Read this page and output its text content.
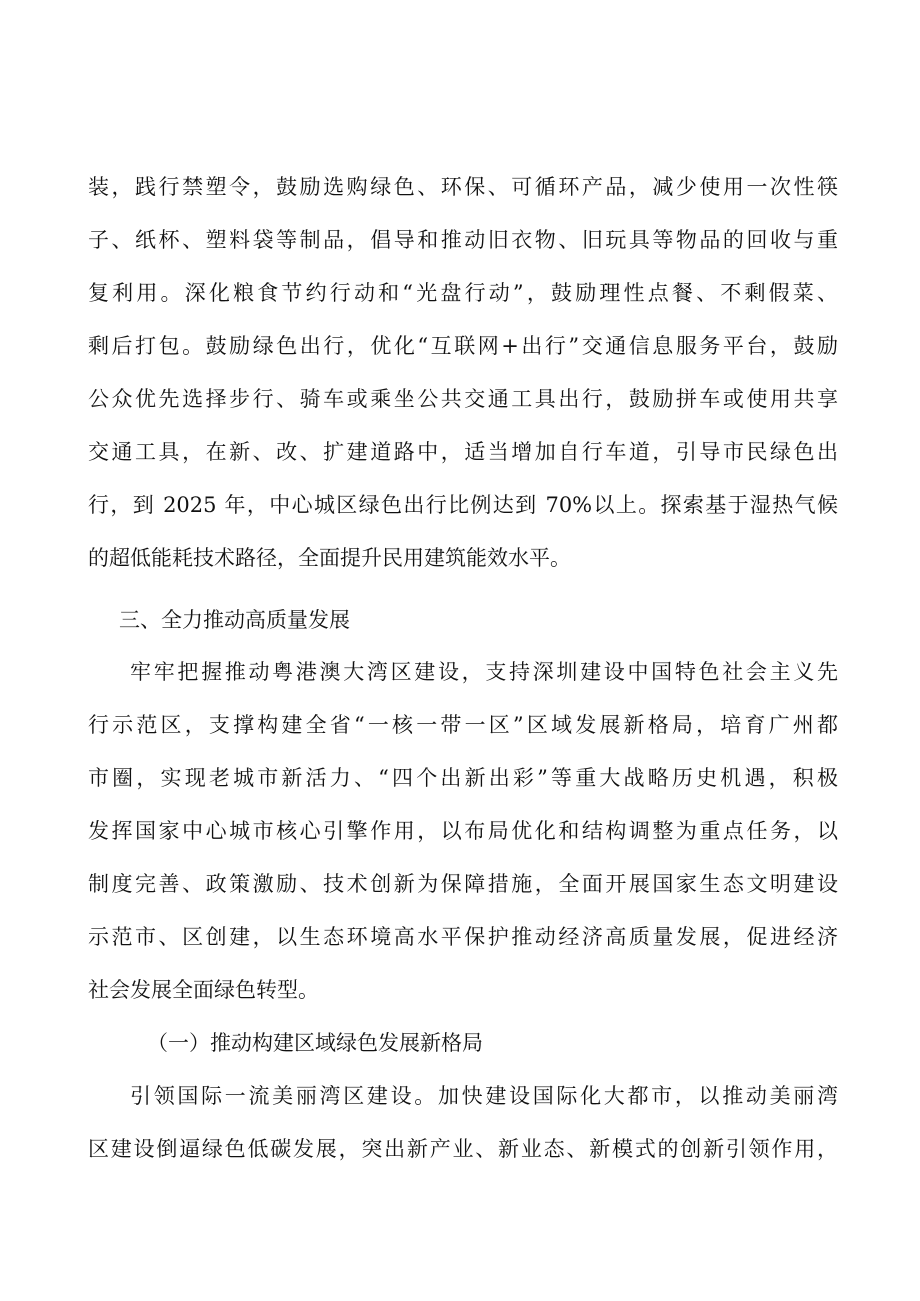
装，践行禁塑令，鼓励选购绿色、环保、可循环产品，减少使用一次性筷
子、纸杯、塑料袋等制品，倡导和推动旧衣物、旧玩具等物品的回收与重
复利用。深化粮食节约行动和“光盘行动”，鼓励理性点餐、不剩假菜、
剩后打包。鼓励绿色出行，优化“互联网+出行”交通信息服务平台，鼓励
公众优先选择步行、骑车或乘坐公共交通工具出行，鼓励拼车或使用共享
交通工具，在新、改、扩建道路中，适当增加自行车道，引导市民绿色出
行，到 2025 年，中心城区绿色出行比例达到 70%以上。探索基于湿热气候
的超低能耗技术路径，全面提升民用建筑能效水平。
三、全力推动高质量发展
牢牢把握推动粤港澳大湾区建设，支持深圳建设中国特色社会主义先
行示范区，支撑构建全省“一核一带一区”区域发展新格局，培育广州都
市圈，实现老城市新活力、“四个出新出彩”等重大战略历史机遇，积极
发挥国家中心城市核心引擎作用，以布局优化和结构调整为重点任务，以
制度完善、政策激励、技术创新为保障措施，全面开展国家生态文明建设
示范市、区创建，以生态环境高水平保护推动经济高质量发展，促进经济
社会发展全面绿色转型。
（一）推动构建区域绿色发展新格局
引领国际一流美丽湾区建设。加快建设国际化大都市，以推动美丽湾
区建设倒逼绿色低碳发展，突出新产业、新业态、新模式的创新引领作用，
